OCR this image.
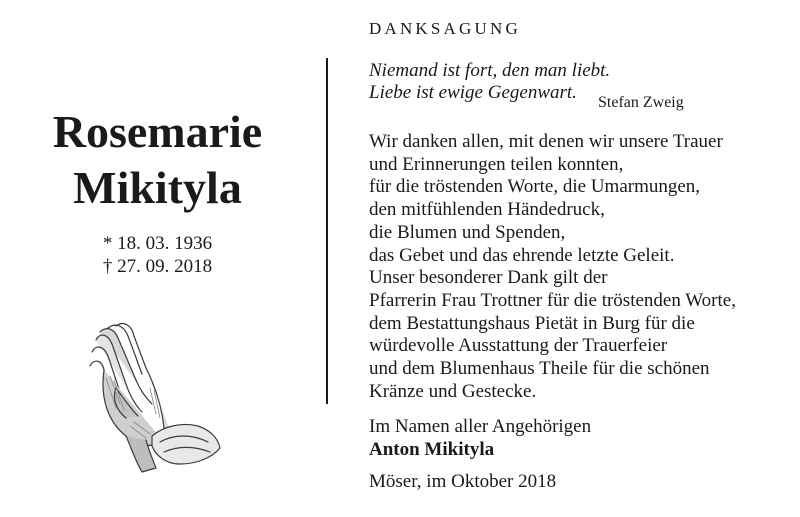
Rosemarie
Mikityla
* 18. 03. 1936
† 27. 09. 2018
DANKSAGUNG
Niemand ist fort, den man liebt.
Liebe ist ewige Gegenwart.	Stefan Zweig
Wir danken allen, mit denen wir unsere Trauer
und Erinnerungen teilen konnten,
für die tröstenden Worte, die Umarmungen,
den mitfühlenden Händedruck,
die Blumen und Spenden,
das Gebet und das ehrende letzte Geleit.
Unser besonderer Dank gilt der
Pfarrerin Frau Trottner für die tröstenden Worte,
dem Bestattungshaus Pietät in Burg für die
würdevolle Ausstattung der Trauerfeier
und dem Blumenhaus Theile für die schönen
Kränze und Gestecke.
Im Namen aller Angehörigen
Anton Mikityla
Möser, im Oktober 2018
